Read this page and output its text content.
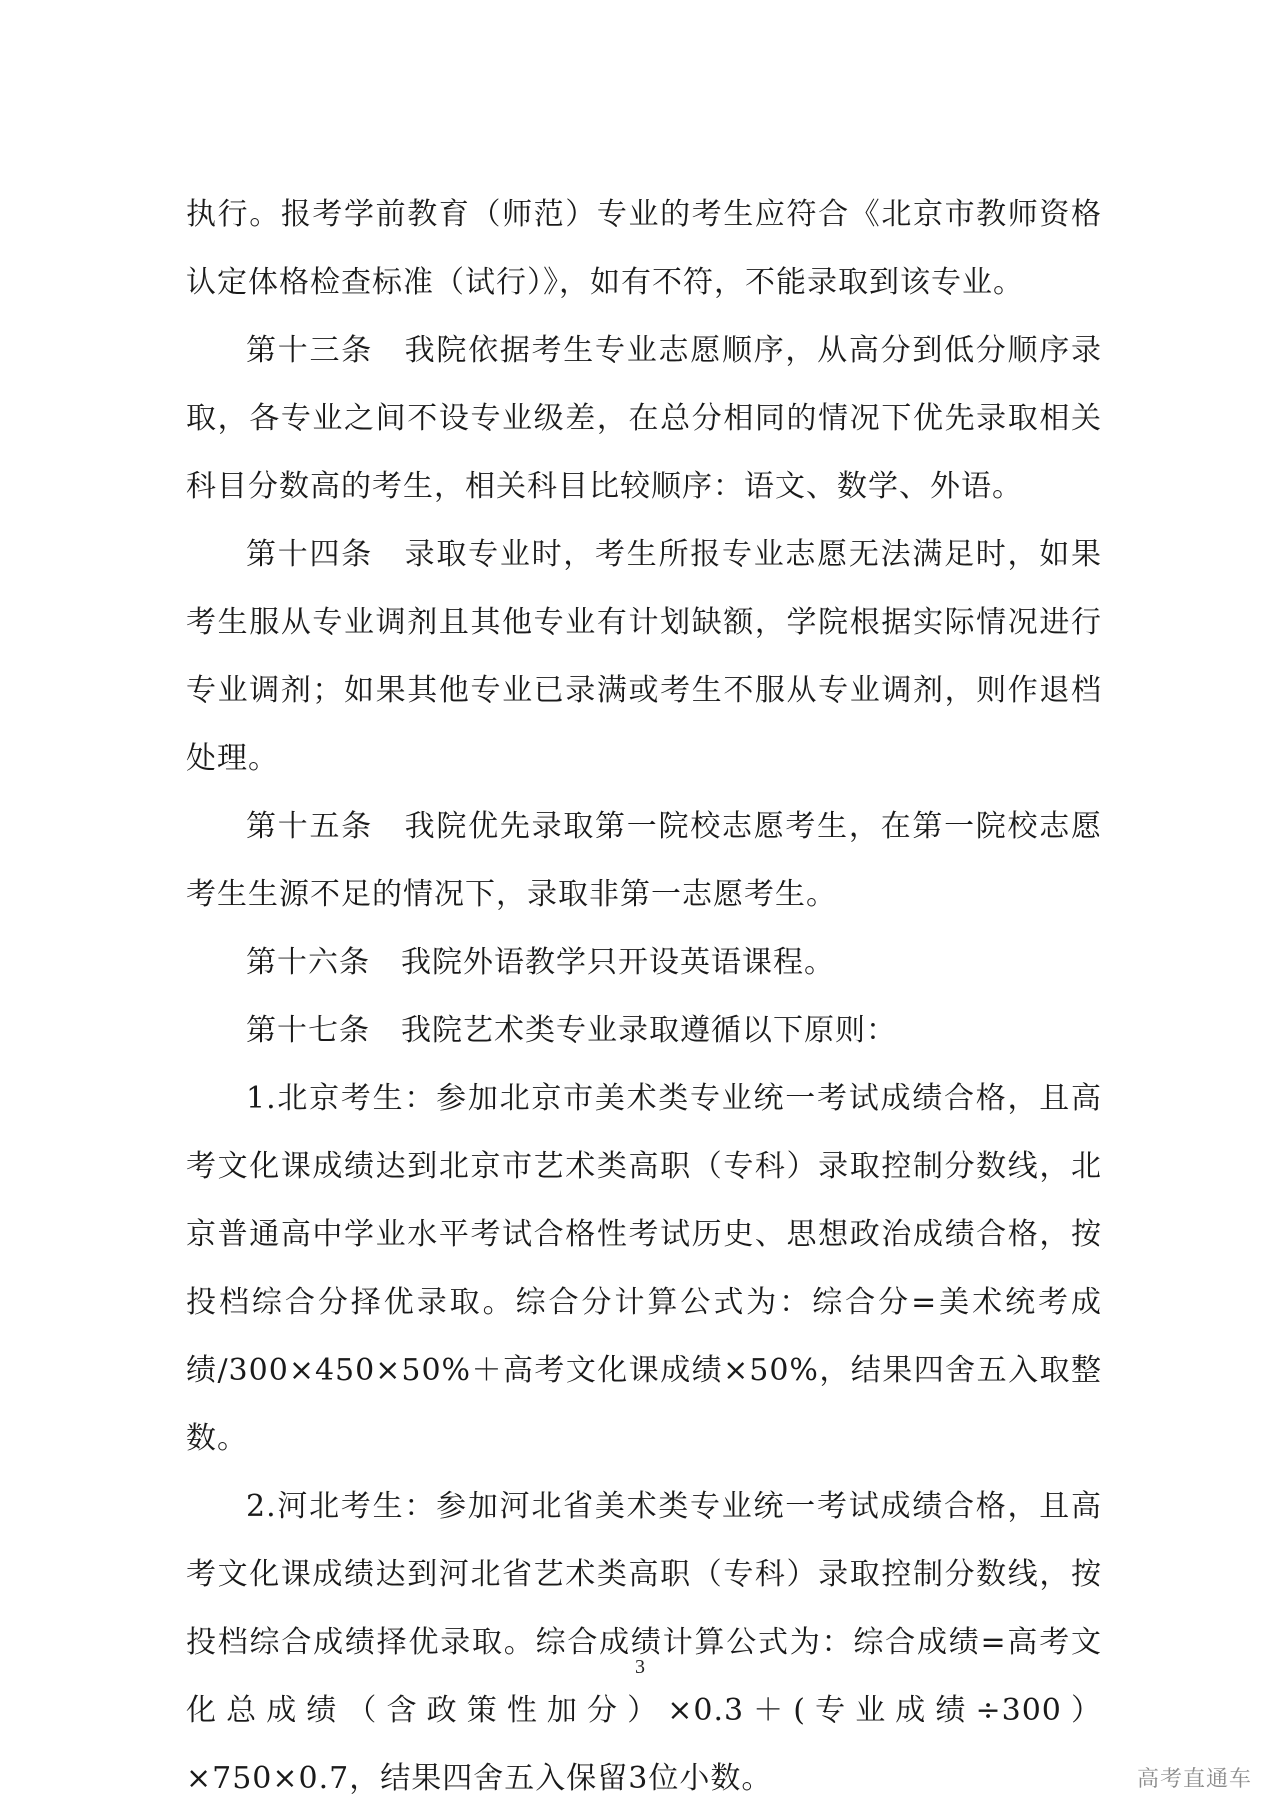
执行。报考学前教育（师范）专业的考生应符合《北京市教师资格认定体格检查标准（试行）》，如有不符，不能录取到该专业。

第十三条　我院依据考生专业志愿顺序，从高分到低分顺序录取，各专业之间不设专业级差，在总分相同的情况下优先录取相关科目分数高的考生，相关科目比较顺序：语文、数学、外语。

第十四条　录取专业时，考生所报专业志愿无法满足时，如果考生服从专业调剂且其他专业有计划缺额，学院根据实际情况进行专业调剂；如果其他专业已录满或考生不服从专业调剂，则作退档处理。

第十五条　我院优先录取第一院校志愿考生，在第一院校志愿考生生源不足的情况下，录取非第一志愿考生。

第十六条　我院外语教学只开设英语课程。

第十七条　我院艺术类专业录取遵循以下原则：

1.北京考生：参加北京市美术类专业统一考试成绩合格，且高考文化课成绩达到北京市艺术类高职（专科）录取控制分数线，北京普通高中学业水平考试合格性考试历史、思想政治成绩合格，按投档综合分择优录取。综合分计算公式为：综合分=美术统考成绩/300×450×50%＋高考文化课成绩×50%，结果四舍五入取整数。

2.河北考生：参加河北省美术类专业统一考试成绩合格，且高考文化课成绩达到河北省艺术类高职（专科）录取控制分数线，按投档综合成绩择优录取。综合成绩计算公式为：综合成绩=高考文化总成绩（含政策性加分）×0.3＋(专业成绩÷300）×750×0.7，结果四舍五入保留3位小数。

3
高考直通车
